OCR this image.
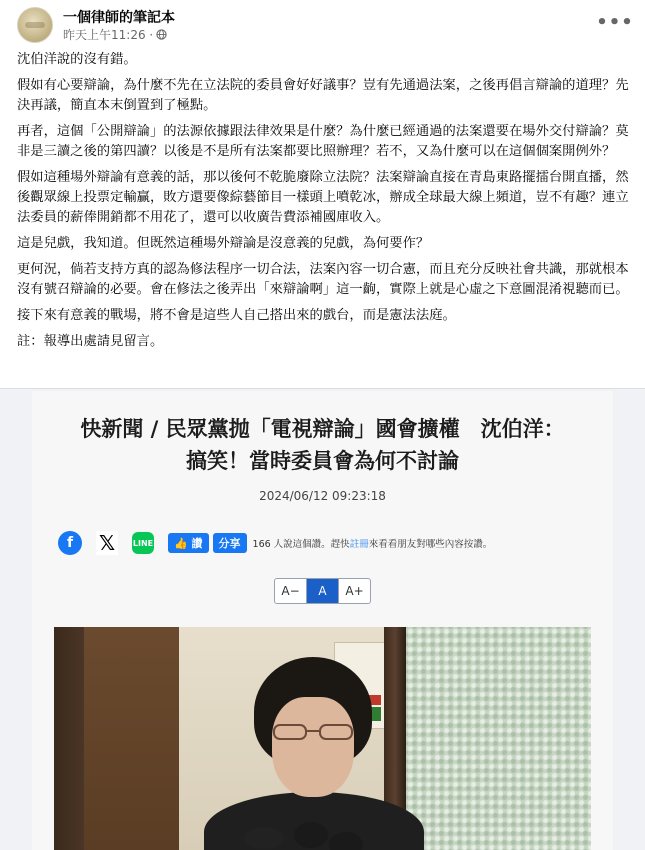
一個律師的筆記本
昨天上午11:26 ·
•••

沈伯洋說的沒有錯。

假如有心要辯論，為什麼不先在立法院的委員會好好議事？豈有先通過法案，之後再倡言辯論的道理？先決再議，簡直本末倒置到了極點。

再者，這個「公開辯論」的法源依據跟法律效果是什麼？為什麼已經通過的法案還要在場外交付辯論？莫非是三讀之後的第四讀？以後是不是所有法案都要比照辦理？若不，又為什麼可以在這個個案開例外？

假如這種場外辯論有意義的話，那以後何不乾脆廢除立法院？法案辯論直接在青島東路擺擂台開直播，然後觀眾線上投票定輸贏，敗方還要像綜藝節目一樣頭上噴乾冰，辦成全球最大線上頻道，豈不有趣？連立法委員的薪俸開銷都不用花了，還可以收廣告費添補國庫收入。

這是兒戲，我知道。但既然這種場外辯論是沒意義的兒戲，為何要作？

更何況，倘若支持方真的認為修法程序一切合法，法案內容一切合憲，而且充分反映社會共識，那就根本沒有號召辯論的必要。會在修法之後弄出「來辯論啊」這一齣，實際上就是心虛之下意圖混淆視聽而已。

接下來有意義的戰場，將不會是這些人自己搭出來的戲台，而是憲法法庭。

註：報導出處請見留言。

快新聞 / 民眾黨抛「電視辯論」國會擴權　沈伯洋：
搞笑！當時委員會為何不討論
2024/06/12 09:23:18
f	𝕏	LINE 👍 讚	分享	166 人說這個讚。趕快註冊來看看朋友對哪些內容按讚。
A−	A	A+
